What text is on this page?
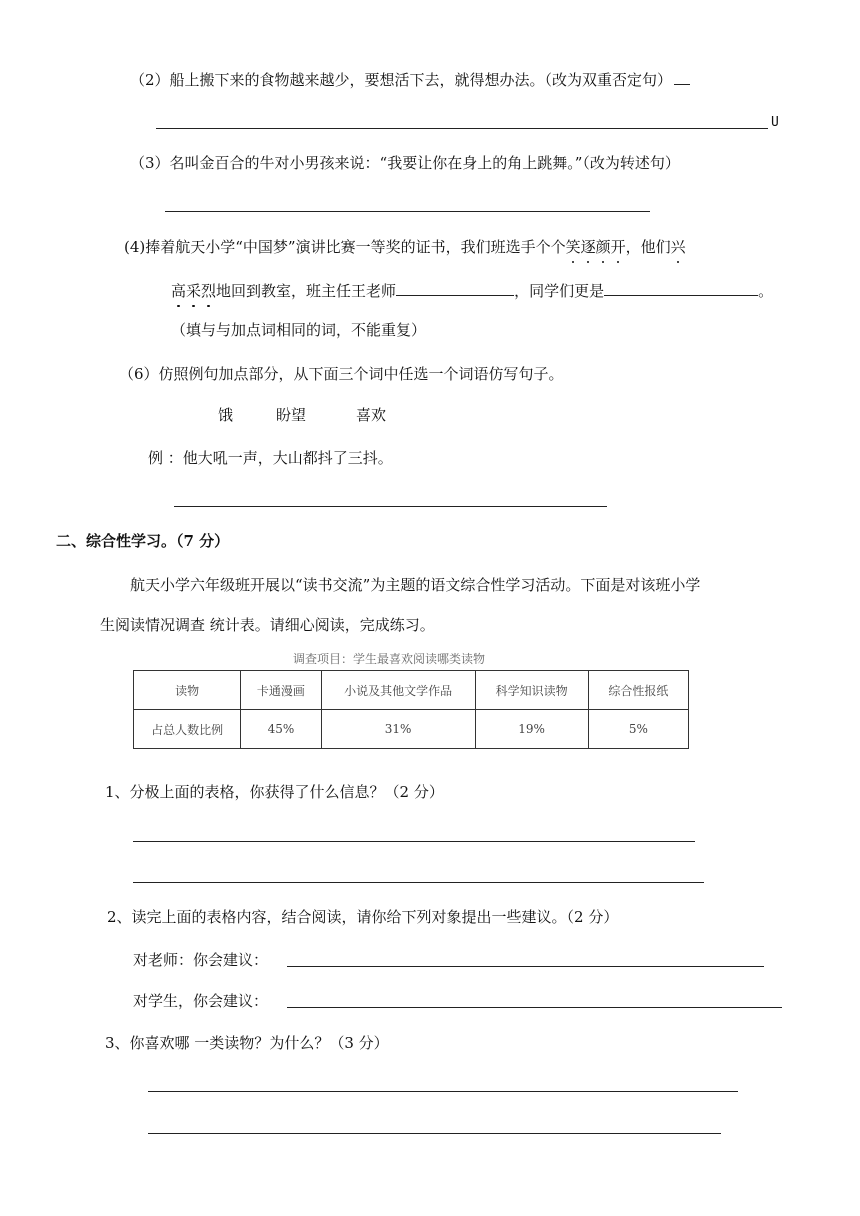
（2）船上搬下来的食物越来越少，要想活下去，就得想办法。（改为双重否定句）
U
（3）名叫金百合的牛对小男孩来说：“我要让你在身上的角上跳舞。”（改为转述句）
(4)捧着航天小学“中国梦”演讲比赛一等奖的证书，我们班选手个个笑逐颜开，他们兴
高采烈地回到教室，班主任王老师	，同学们更是	。
（填与与加点词相同的词，不能重复）
（6）仿照例句加点部分，从下面三个词中任选一个词语仿写句子。
饿	盼望	喜欢
例 ：他大吼一声，大山都抖了三抖。
二、综合性学习。（7 分）
航天小学六年级班开展以“读书交流”为主题的语文综合性学习活动。下面是对该班小学
生阅读情况调查 统计表。请细心阅读，完成练习。
调查项目：学生最喜欢阅读哪类读物
读物	卡通漫画	小说及其他文学作品	科学知识读物	综合性报纸
占总人数比例	45%	31%	19%	5%
1、分极上面的表格，你获得了什么信息？（2 分）
2、读完上面的表格内容，结合阅读，请你给下列对象提出一些建议。（2 分）
对老师：你会建议：
对学生，你会建议：
3、你喜欢哪 一类读物？为什么？（3 分）
